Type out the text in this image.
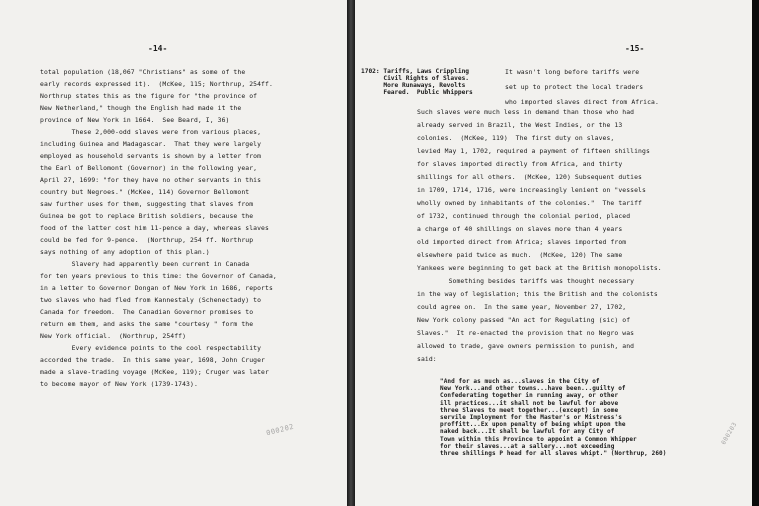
-14-
total population (18,067 "Christians" as some of the
early records expressed it).  (McKee, 115; Northrup, 254ff.
Northrup states this as the figure for "the province of
New Netherland," though the English had made it the
province of New York in 1664.  See Beard, I, 36)
These 2,000-odd slaves were from various places,
including Guinea and Madagascar.  That they were largely
employed as household servants is shown by a letter from
the Earl of Bellomont (Governor) in the following year,
April 27, 1699: "for they have no other servants in this
country but Negroes." (McKee, 114) Governor Bellomont
saw further uses for them, suggesting that slaves from
Guinea be got to replace British soldiers, because the
food of the latter cost him 11-pence a day, whereas slaves
could be fed for 9-pence.  (Northrup, 254 ff. Northrup
says nothing of any adoption of this plan.)
Slavery had apparently been current in Canada
for ten years previous to this time: the Governor of Canada,
in a letter to Governor Dongan of New York in 1686, reports
two slaves who had fled from Kannestaly (Schenectady) to
Canada for freedom.  The Canadian Governor promises to
return em them, and asks the same "courtesy " form the
New York official.  (Northrup, 254ff)
Every evidence points to the cool respectability
accorded the trade.  In this same year, 1698, John Cruger
made a slave-trading voyage (McKee, 119); Cruger was later
to become mayor of New York (1739-1743).
000202
-15-
1702: Tariffs, Laws Crippling
Civil Rights of Slaves.
More Runaways, Revolts
Feared.  Public Whippers
It wasn't long before tariffs were
set up to protect the local traders
who imported slaves direct from Africa.
Such slaves were much less in demand than those who had
already served in Brazil, the West Indies, or the 13
colonies.  (McKee, 119)  The first duty on slaves,
levied May 1, 1702, required a payment of fifteen shillings
for slaves imported directly from Africa, and thirty
shillings for all others.  (McKee, 120) Subsequent duties
in 1709, 1714, 1716, were increasingly lenient on "vessels
wholly owned by inhabitants of the colonies."  The tariff
of 1732, continued through the colonial period, placed
a charge of 40 shillings on slaves more than 4 years
old imported direct from Africa; slaves imported from
elsewhere paid twice as much.  (McKee, 120) The same
Yankees were beginning to get back at the British monopolists.
Something besides tariffs was thought necessary
in the way of legislation; this the British and the colonists
could agree on.  In the same year, November 27, 1702,
New York colony passed "An act for Regulating (sic) of
Slaves."  It re-enacted the provision that no Negro was
allowed to trade, gave owners permission to punish, and
said:
"And for as much as...slaves in the City of
New York...and other towns...have been...guilty of
Confederating together in running away, or other
ill practices...it shall not be lawful for above
three Slaves to meet together...(except) in some
servile Imployment for the Master's or Mistress's
proffitt...Ex upon penalty of being whipt upon the
naked back...It shall be lawful for any City of
Town within this Province to appoint a Common Whipper
for their slaves...at a sallery...not exceeding
three shillings P head for all slaves whipt." (Northrup, 260)
000203
